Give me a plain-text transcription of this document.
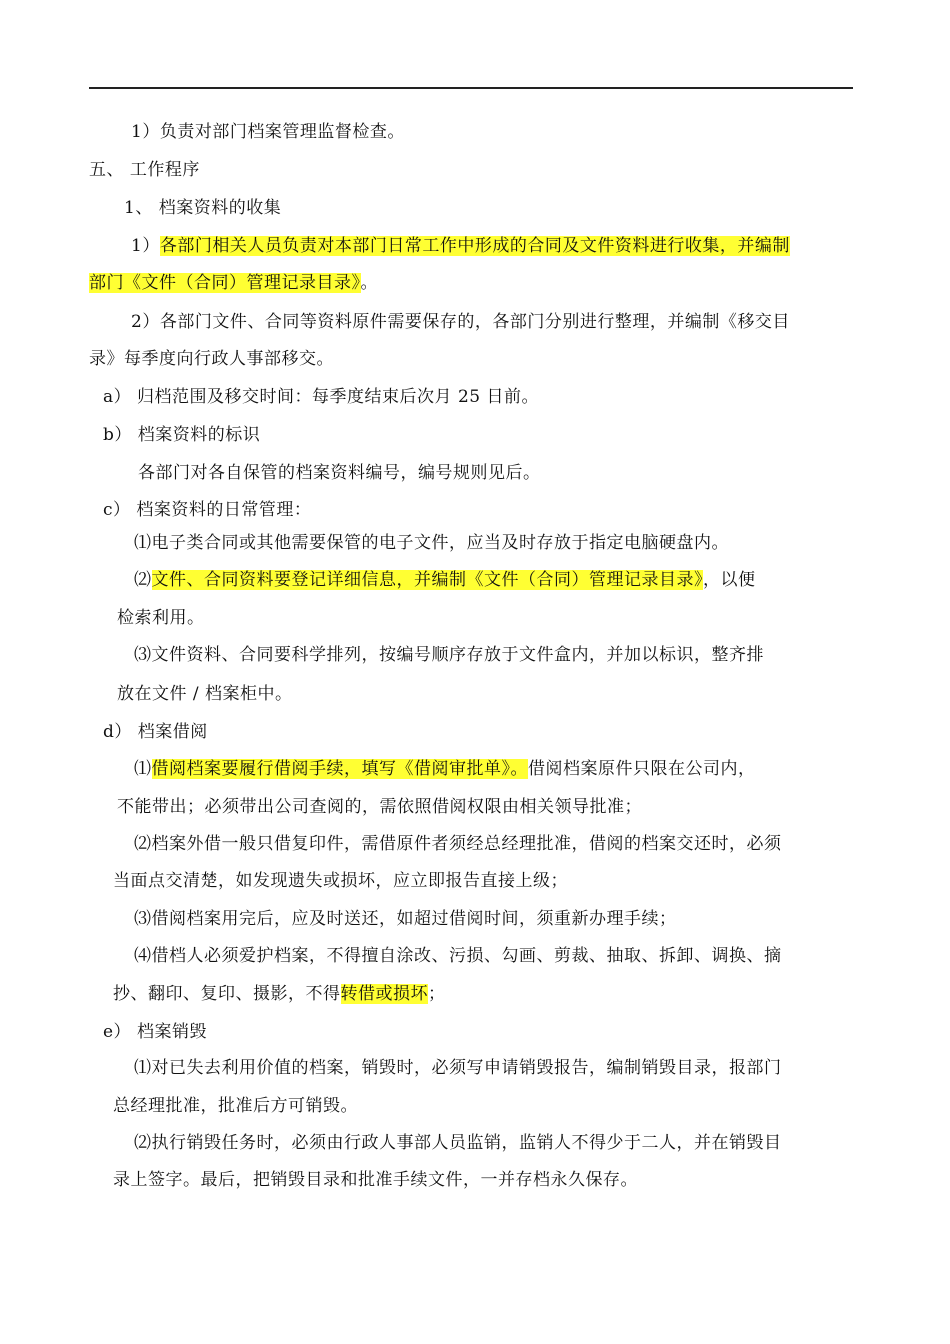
1）负责对部门档案管理监督检查。
五、 工作程序
1、 档案资料的收集
1）各部门相关人员负责对本部门日常工作中形成的合同及文件资料进行收集，并编制
部门《文件（合同）管理记录目录》。
2）各部门文件、合同等资料原件需要保存的，各部门分别进行整理，并编制《移交目
录》每季度向行政人事部移交。
a） 归档范围及移交时间：每季度结束后次月 25 日前。
b） 档案资料的标识
各部门对各自保管的档案资料编号，编号规则见后。
c） 档案资料的日常管理：
⑴电子类合同或其他需要保管的电子文件，应当及时存放于指定电脑硬盘内。
⑵文件、合同资料要登记详细信息，并编制《文件（合同）管理记录目录》，以便
检索利用。
⑶文件资料、合同要科学排列，按编号顺序存放于文件盒内，并加以标识，整齐排
放在文件 / 档案柜中。
d） 档案借阅
⑴借阅档案要履行借阅手续，填写《借阅审批单》。借阅档案原件只限在公司内，
不能带出；必须带出公司查阅的，需依照借阅权限由相关领导批准；
⑵档案外借一般只借复印件，需借原件者须经总经理批准，借阅的档案交还时，必须
当面点交清楚，如发现遗失或损坏，应立即报告直接上级；
⑶借阅档案用完后，应及时送还，如超过借阅时间，须重新办理手续；
⑷借档人必须爱护档案，不得擅自涂改、污损、勾画、剪裁、抽取、拆卸、调换、摘
抄、翻印、复印、摄影，不得转借或损坏；
e） 档案销毁
⑴对已失去利用价值的档案，销毁时，必须写申请销毁报告，编制销毁目录，报部门
总经理批准，批准后方可销毁。
⑵执行销毁任务时，必须由行政人事部人员监销，监销人不得少于二人，并在销毁目
录上签字。最后，把销毁目录和批准手续文件，一并存档永久保存。
